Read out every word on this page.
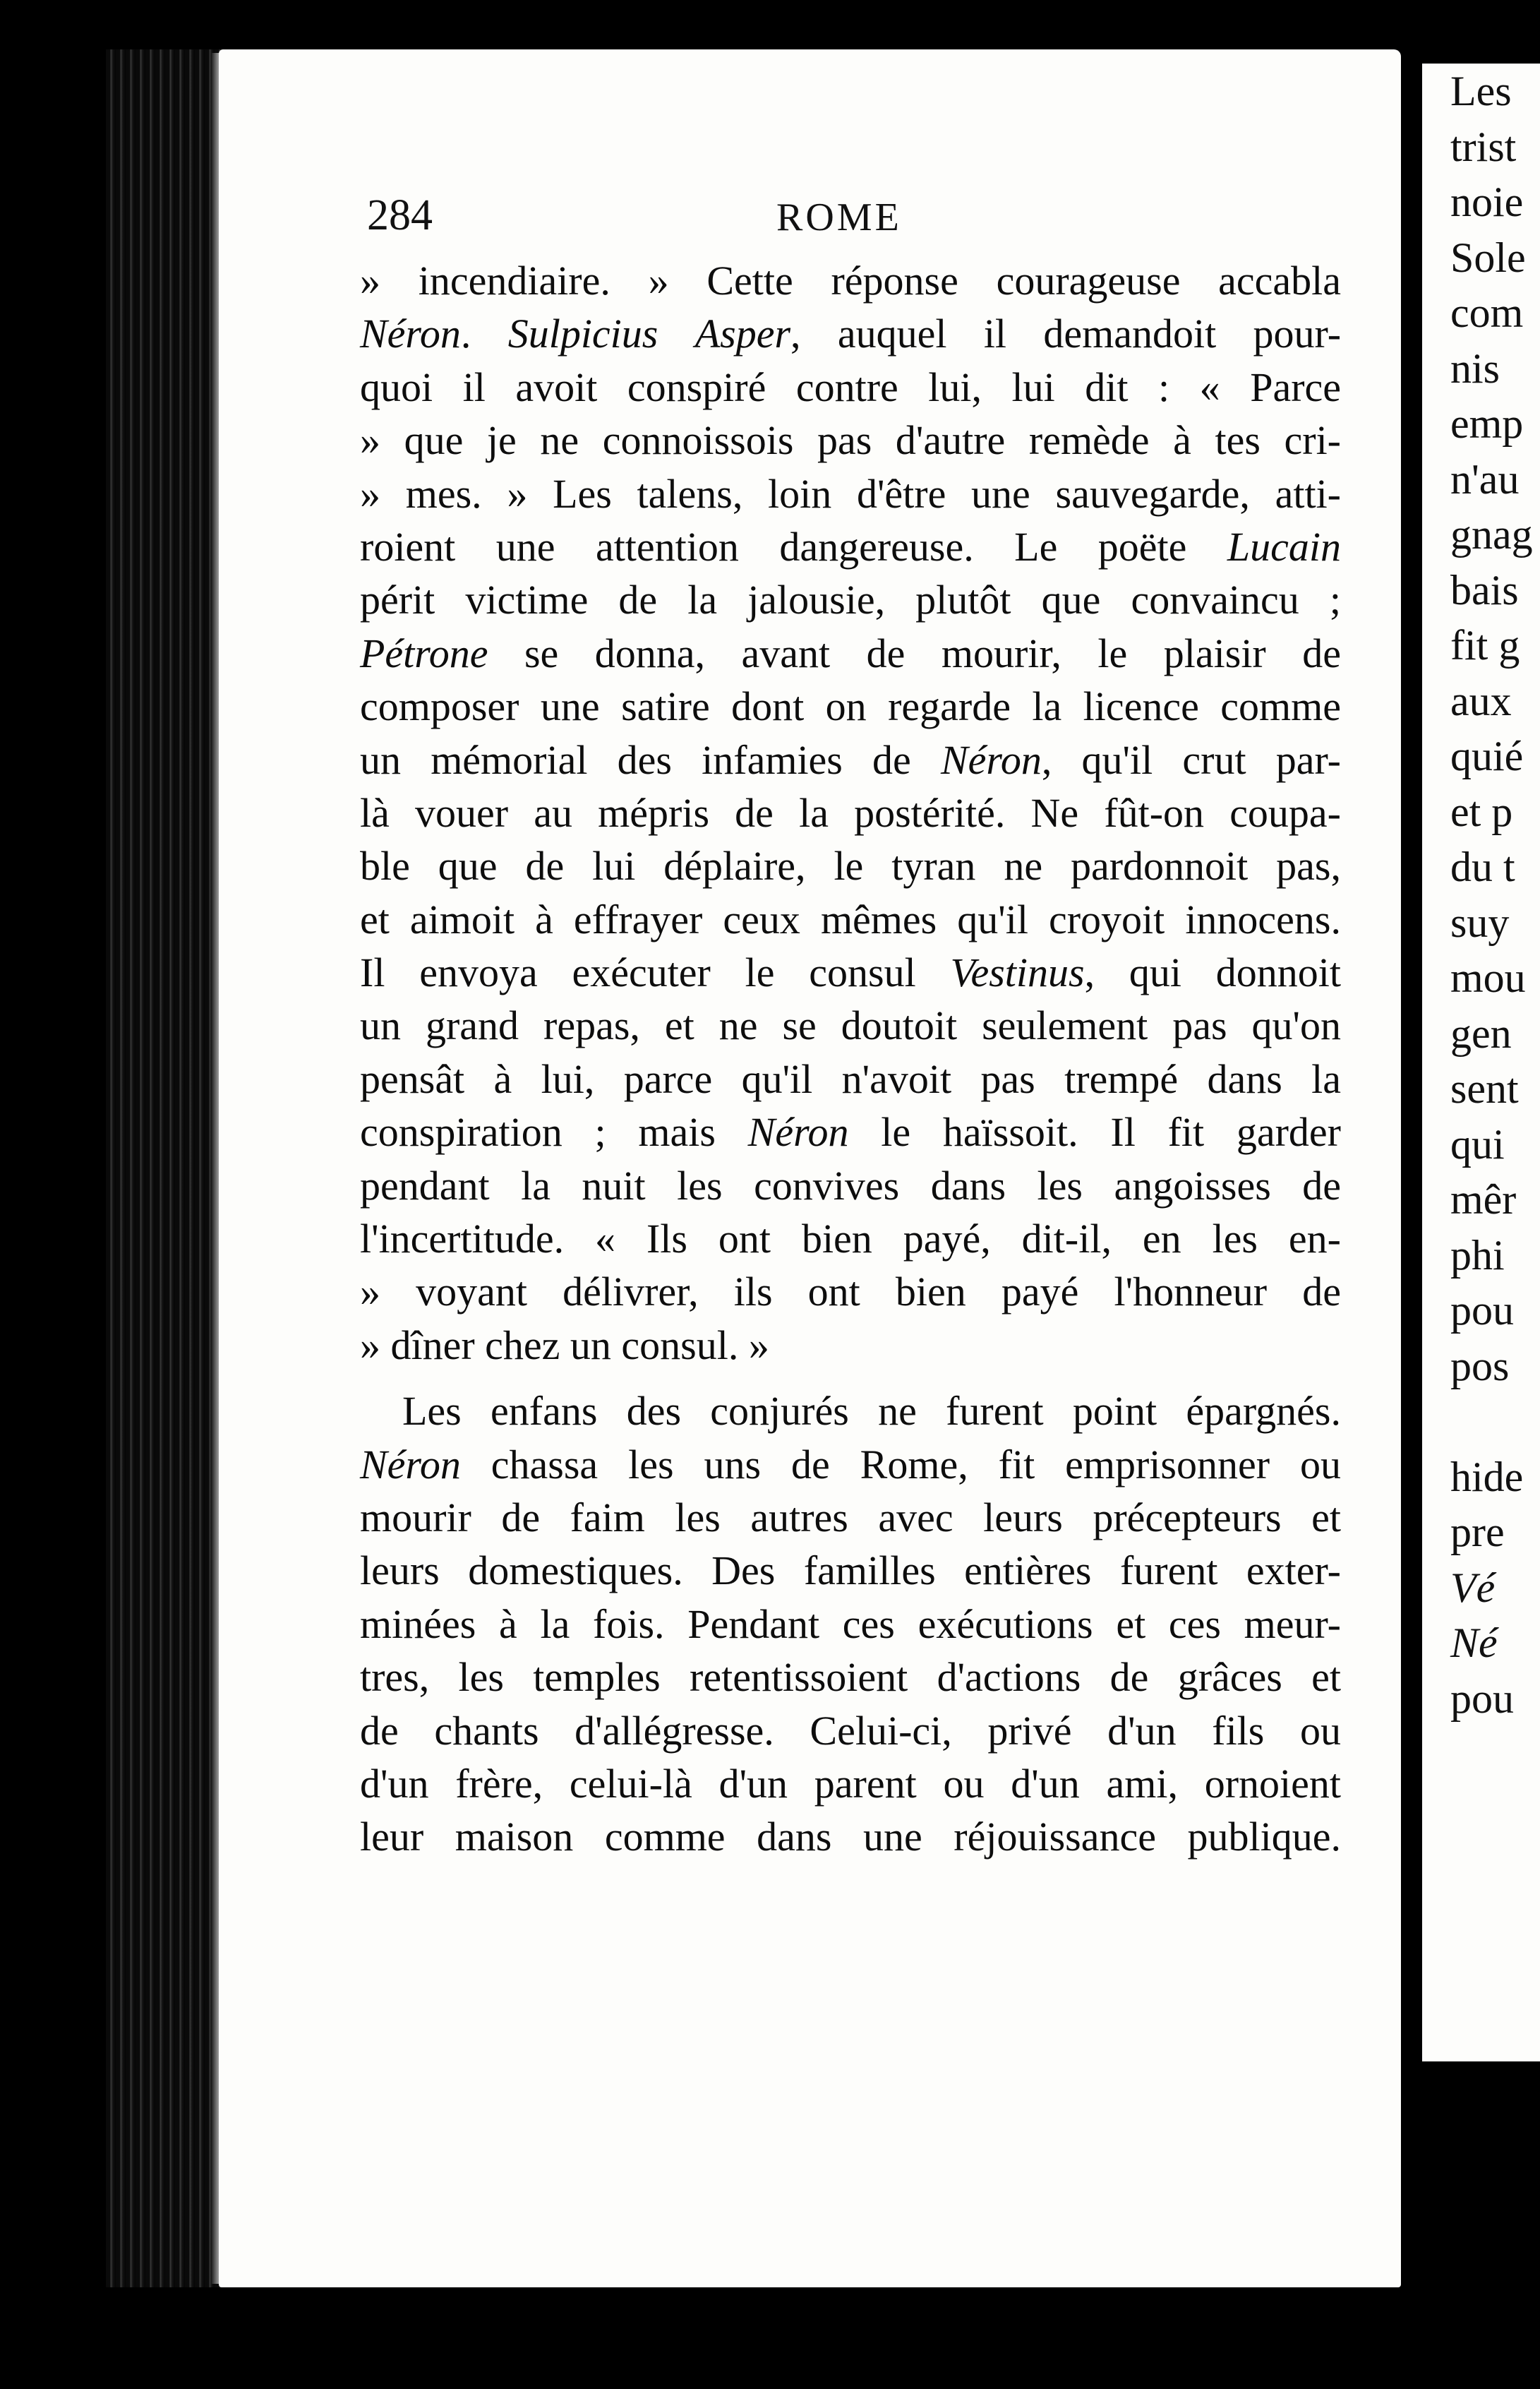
284	ROME
» incendiaire. » Cette réponse courageuse accabla
Néron. Sulpicius Asper, auquel il demandoit pour-
quoi il avoit conspiré contre lui, lui dit : « Parce
» que je ne connoissois pas d'autre remède à tes cri-
» mes. » Les talens, loin d'être une sauvegarde, atti-
roient une attention dangereuse. Le poëte Lucain
périt victime de la jalousie, plutôt que convaincu ;
Pétrone se donna, avant de mourir, le plaisir de
composer une satire dont on regarde la licence comme
un mémorial des infamies de Néron, qu'il crut par-
là vouer au mépris de la postérité. Ne fût-on coupa-
ble que de lui déplaire, le tyran ne pardonnoit pas,
et aimoit à effrayer ceux mêmes qu'il croyoit innocens.
Il envoya exécuter le consul Vestinus, qui donnoit
un grand repas, et ne se doutoit seulement pas qu'on
pensât à lui, parce qu'il n'avoit pas trempé dans la
conspiration ; mais Néron le haïssoit. Il fit garder
pendant la nuit les convives dans les angoisses de
l'incertitude. « Ils ont bien payé, dit-il, en les en-
» voyant délivrer, ils ont bien payé l'honneur de
» dîner chez un consul. »
Les enfans des conjurés ne furent point épargnés.
Néron chassa les uns de Rome, fit emprisonner ou
mourir de faim les autres avec leurs précepteurs et
leurs domestiques. Des familles entières furent exter-
minées à la fois. Pendant ces exécutions et ces meur-
tres, les temples retentissoient d'actions de grâces et
de chants d'allégresse. Celui-ci, privé d'un fils ou
d'un frère, celui-là d'un parent ou d'un ami, ornoient
leur maison comme dans une réjouissance publique.
Les
trist
noie
Sole
com
nis
emp
n'au
gnag
bais
fit g
aux
quié
et p
du t
suy
mou
gen
sent
qui
mêr
phi
pou
pos

hide
pre
Vé
Né
pou
